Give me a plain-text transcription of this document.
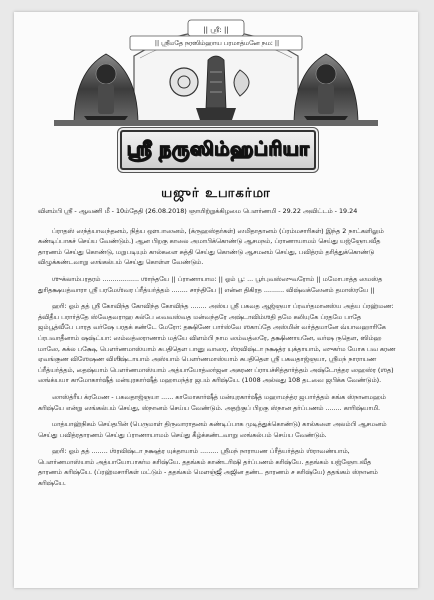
|| ஸ்ரீ: ||
|| ஸ்ரீமதே நரஸிம்ஹாய பரமாத்மனே நம: ||
ஸ்ரீ நருஸிம்ஹப்ரியா
யஜுர் உபாகர்மா

விளம்பி ஸ்ரீ - ஆவணி மீ - 10ம்தேதி (26.08.2018) ஞாயிற்றுக்கிழமை பௌர்ணமி - 29.22 அவிட்டம் - 19.24

ப்ராதஸ் ஸந்த்யாவந்தனம், நித்ய ஔபாஸனம், (க்ருஹஸ்தர்கள்) ஸமிதாதானம் (ப்ரம்மசாரிகள்) இந்த 2 நாட்களிலும் கண்டிப்பாகச் செய்ய வேண்டும்.) ஆன பிறகு காலை அமாபிக்கொண்டு ஆசமநம், ப்ராணாயாமம் செய்து யஜ்ஞோபவீத தாரணம் செய்து கொண்டு, மறுபடியும் கால்களை சுத்தி செய்து கொண்டு ஆசமனம் செய்து, பவித்ரம் தரித்துக்கொண்டு விழுக்கண்டவாறு ஸங்கல்பம் செய்து கொள்ள வேண்டும்.

ஶுக்லாம்பரதரம் .................. ஶாந்தயே || ப்ராணாயாம: || ஓம் பூ: ... பூர்புவஸ்ஸுவரோம் || மமோபாத்த ஸமஸ்த துரிதக்ஷயத்வாரா ஸ்ரீ பரமேஶ்வர ப்ரீத்யர்த்தம் ........ சாந்தியே || என்ன திகிரத .......... விஷ்வக்ஸேனம் தமாஸ்ரயே ||

ஹரி: ஓம் தத் ஸ்ரீ கோவிந்த கோவிந்த கோவிந்த ........ அஸ்ய ஸ்ரீ பகவத ஆஜ்ஞயா ப்ரவர்தமானஸ்ய அத்ய ப்ரஹ்மண: த்விதீய பரார்த்தே ஸ்வேதவராஹ கல்பே வைவஸ்வத மன்வந்தரே அஷ்டாவிம்ஶதி தமே கலியுகே ப்ரதமே பாதே ஜம்பூத்வீபே பாரத வர்ஷே பரதக் கண்டே மேரோ: தக்ஷிணே பார்ஸ்வே ஶகாப்தே அஸ்மின் வர்த்தமானே வ்யாவஹாரிகே ப்ரபவாதீனாம் ஷஷ்ட்யா: ஸம்வத்ஸராணாம் மத்யே விளம்பி நாம ஸம்வத்ஸரே, தக்ஷிணாயனே, வர்ஷ ருதௌ, ஸிம்ஹ மாஸே, சுக்ல பக்ஷே, பௌர்ணமாஸ்யாம் சுபதிதௌ பானு வாஸர, ஶ்ரவிஷ்டா நக்ஷத்ர யுக்தாயாம், ஸுகர்ம யோக பவ கரண ஏவங்குண விஶேஷண விஶிஷ்டாயாம் அஸ்யாம் பௌர்ணமாஸ்யாம் சுபதிதௌ ஸ்ரீ பகவதாஜ்ஞயா, ஸ்ரீமந் நாராயண ப்ரீத்யர்த்தம், தைஷ்யாம் பௌர்ணமாஸ்யாம் அத்யாயோத்ஸர்ஜன அகரண ப்ராயச்சித்தார்த்தம் அஷ்டோத்தர ஸஹஸ்ர (ஶத) ஸங்க்யயா காமோகார்ஷீத் மன்யுரகார்ஷீத் மஹாமந்த்ர ஜபம் கரிஷ்யே. (1008 அல்லது 108 தடவை ஜபிக்க வேண்டும்).

ஸாஸ்த்ரீய க்ரமேண - பகவதாஜ்ஞயா ...... காமோகார்ஷீத் மன்யுரகார்ஷீத் மஹாமந்த்ர ஜபார்த்தம் கங்க ஸ்நானமஹம் கரிஷ்யே என்று ஸங்கல்பம் செய்து, ஸ்நானம் செய்ய வேண்டும். அதற்குப் பிறகு ஸ்நான தர்ப்பணம் ........ காரிஷ்யாமி.

மாத்யாஹ்நிகம் செய்தபின் (பெருமாள் திருவாராதனம் கண்டிப்பாக முடித்துக்கொண்டு) கால்களை அலம்பி ஆசமனம் செய்து பவித்ரதாரணம் செய்து ப்ராணாயாமம் செய்து கீழ்க்கண்டவாறு ஸங்கல்பம் செய்ய வேண்டும்.

ஹரி: ஓம் தத் ........ ஶ்ரவிஷ்டா நக்ஷத்ர யுக்தாயாம் ......... ஸ்ரீமந் நாராயண ப்ரீத்யர்த்தம் ஶ்ராவண்யாம், பௌர்ணமாஸ்யாம் அத்யாயோபாகர்ம கரிஷ்யே. ததங்கம் காண்டரிஷி தர்ப்பணம் கரிஷ்யே. ததங்கம் யஜ்ஞோபவீத தாரணம் கரிஷ்யே. (ப்ரஹ்மசாரிகள் மட்டும் - ததங்கம் மௌஞ்ஜீ அஜின தண்ட தாரணம் ச கரிஷ்யே) ததங்கம் ஸ்நானம் கரிஷ்யே.
